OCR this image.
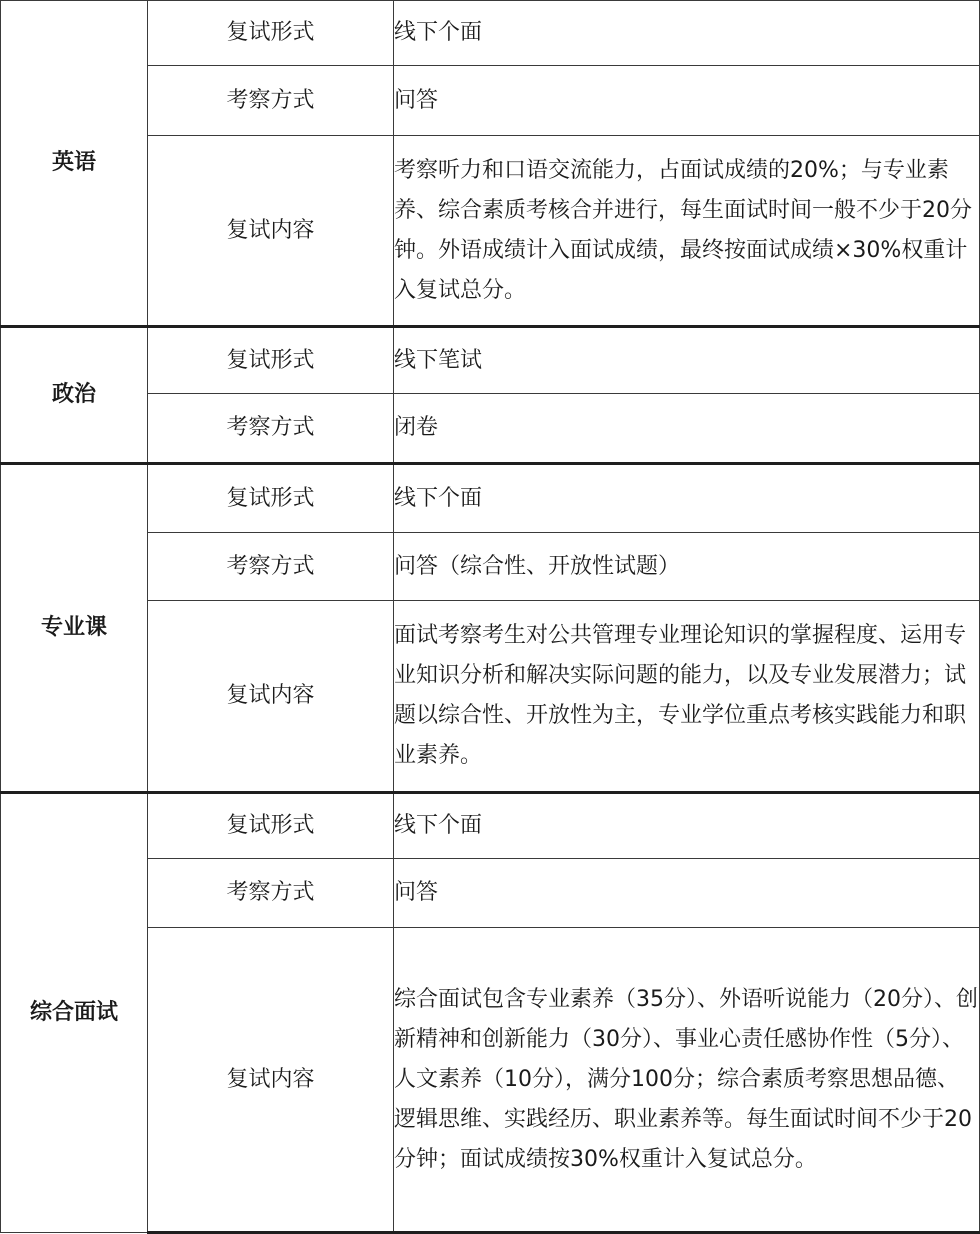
英语	复试形式	线下个面
	考察方式	问答
	复试内容	考察听力和口语交流能力，占面试成绩的20%；与专业素养、综合素质考核合并进行，每生面试时间一般不少于20分钟。外语成绩计入面试成绩，最终按面试成绩×30%权重计入复试总分。
政治	复试形式	线下笔试
	考察方式	闭卷
专业课	复试形式	线下个面
	考察方式	问答（综合性、开放性试题）
	复试内容	面试考察考生对公共管理专业理论知识的掌握程度、运用专业知识分析和解决实际问题的能力，以及专业发展潜力；试题以综合性、开放性为主，专业学位重点考核实践能力和职业素养。
综合面试	复试形式	线下个面
	考察方式	问答
	复试内容	综合面试包含专业素养（35分）、外语听说能力（20分）、创新精神和创新能力（30分）、事业心责任感协作性（5分）、人文素养（10分），满分100分；综合素质考察思想品德、逻辑思维、实践经历、职业素养等。每生面试时间不少于20分钟；面试成绩按30%权重计入复试总分。
